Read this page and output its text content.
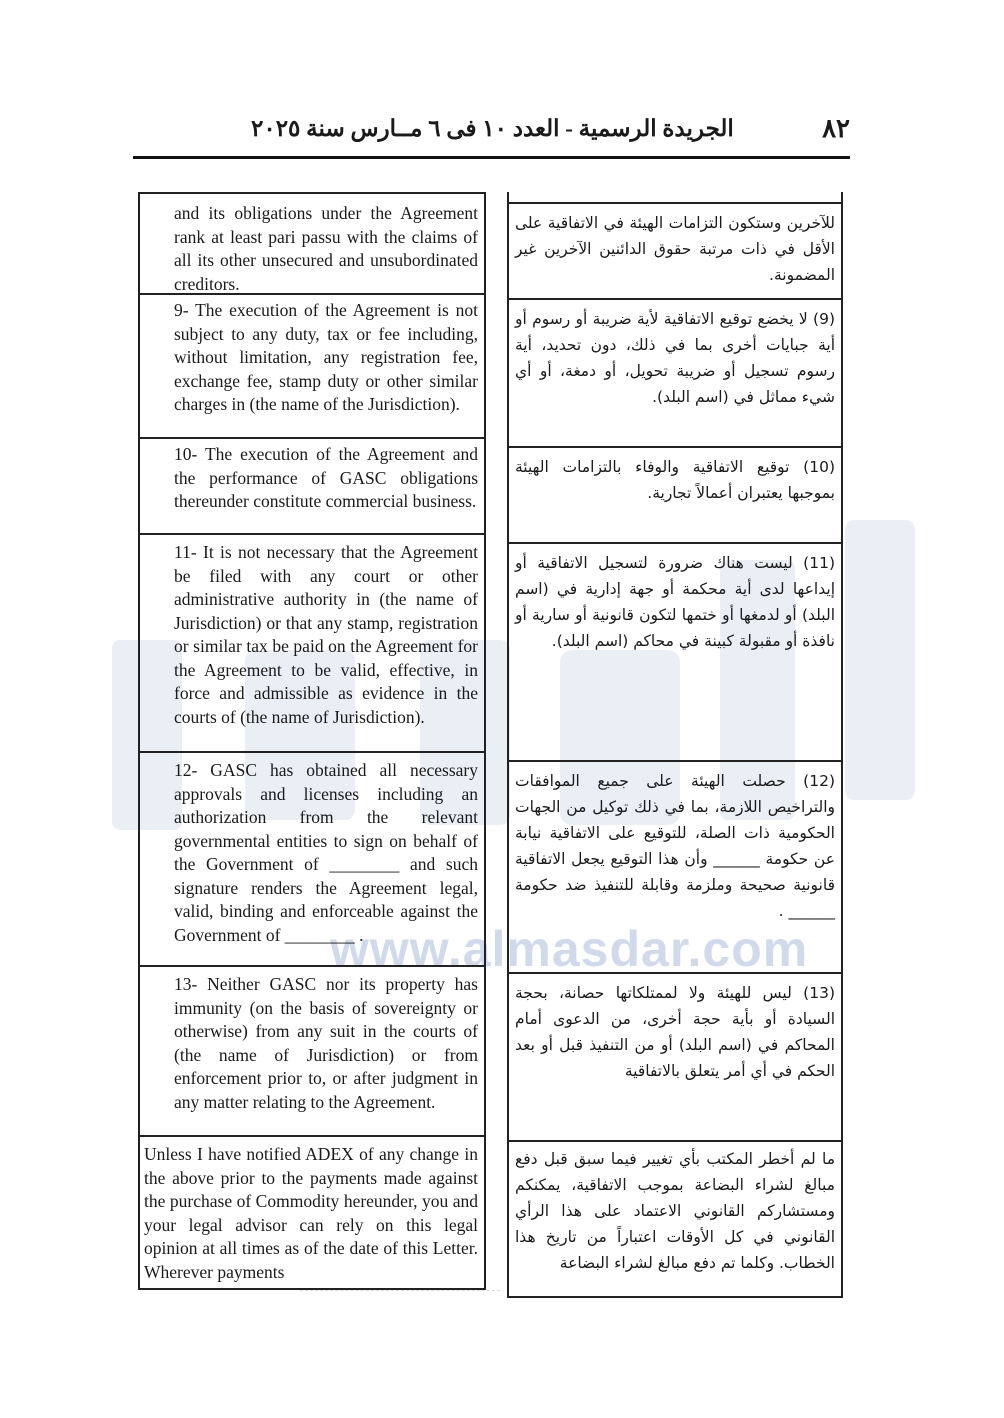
٨٢
الجريدة الرسمية - العدد ١٠ فى ٦ مــارس سنة ٢٠٢٥
www.almasdar.com

and its obligations under the Agreement rank at least pari passu with the claims of all its other unsecured and unsubordinated creditors.

9- The execution of the Agreement is not subject to any duty, tax or fee including, without limitation, any registration fee, exchange fee, stamp duty or other similar charges in (the name of the Jurisdiction).

10- The execution of the Agreement and the performance of GASC obligations thereunder constitute commercial business.

11- It is not necessary that the Agreement be filed with any court or other administrative authority in (the name of Jurisdiction) or that any stamp, registration or similar tax be paid on the Agreement for the Agreement to be valid, effective, in force and admissible as evidence in the courts of (the name of Jurisdiction).

12- GASC has obtained all necessary approvals and licenses including an authorization from the relevant governmental entities to sign on behalf of the Government of ________ and such signature renders the Agreement legal, valid, binding and enforceable against the Government of ________ .

13- Neither GASC nor its property has immunity (on the basis of sovereignty or otherwise) from any suit in the courts of (the name of Jurisdiction) or from enforcement prior to, or after judgment in any matter relating to the Agreement.

Unless I have notified ADEX of any change in the above prior to the payments made against the purchase of Commodity hereunder, you and your legal advisor can rely on this legal opinion at all times as of the date of this Letter. Wherever payments

للآخرين وستكون التزامات الهيئة في الاتفاقية على الأقل في ذات مرتبة حقوق الدائنين الآخرين غير المضمونة.

(9) لا يخضع توقيع الاتفاقية لأية ضريبة أو رسوم أو أية جبايات أخرى بما في ذلك، دون تحديد، أية رسوم تسجيل أو ضريبة تحويل، أو دمغة، أو أي شيء مماثل في (اسم البلد).

(10) توقيع الاتفاقية والوفاء بالتزامات الهيئة بموجبها يعتبران أعمالاً تجارية.

(11) ليست هناك ضرورة لتسجيل الاتفاقية أو إيداعها لدى أية محكمة أو جهة إدارية في (اسم البلد) أو لدمغها أو ختمها لتكون قانونية أو سارية أو نافذة أو مقبولة كبينة في محاكم (اسم البلد).

(12) حصلت الهيئة على جميع الموافقات والتراخيص اللازمة، بما في ذلك توكيل من الجهات الحكومية ذات الصلة، للتوقيع على الاتفاقية نيابة عن حكومة ______ وأن هذا التوقيع يجعل الاتفاقية قانونية صحيحة وملزمة وقابلة للتنفيذ ضد حكومة ______ .

(13) ليس للهيئة ولا لممتلكاتها حصانة، بحجة السيادة أو بأية حجة أخرى، من الدعوى أمام المحاكم في (اسم البلد) أو من التنفيذ قبل أو بعد الحكم في أي أمر يتعلق بالاتفاقية

ما لم أخطر المكتب بأي تغيير فيما سبق قبل دفع مبالغ لشراء البضاعة بموجب الاتفاقية، يمكنكم ومستشاركم القانوني الاعتماد على هذا الرأي القانوني في كل الأوقات اعتباراً من تاريخ هذا الخطاب. وكلما تم دفع مبالغ لشراء البضاعة
